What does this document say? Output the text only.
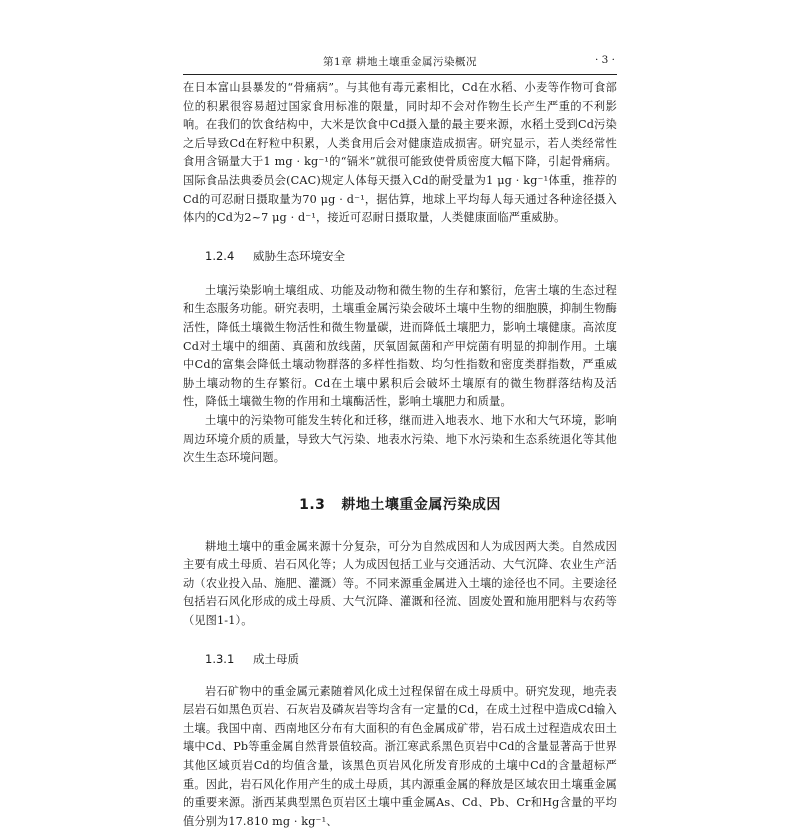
第1章 耕地土壤重金属污染概况	· 3 ·

在日本富山县暴发的“骨痛病”。与其他有毒元素相比，Cd在水稻、小麦等作物可食部位的积累很容易超过国家食用标准的限量，同时却不会对作物生长产生严重的不利影响。在我们的饮食结构中，大米是饮食中Cd摄入量的最主要来源，水稻土受到Cd污染之后导致Cd在籽粒中积累，人类食用后会对健康造成损害。研究显示，若人类经常性食用含镉量大于1 mg · kg⁻¹的“镉米”就很可能致使骨质密度大幅下降，引起骨痛病。国际食品法典委员会(CAC)规定人体每天摄入Cd的耐受量为1 μg · kg⁻¹体重，推荐的Cd的可忍耐日摄取量为70 μg · d⁻¹，据估算，地球上平均每人每天通过各种途径摄入体内的Cd为2~7 μg · d⁻¹，接近可忍耐日摄取量，人类健康面临严重威胁。

1.2.4 威胁生态环境安全

土壤污染影响土壤组成、功能及动物和微生物的生存和繁衍，危害土壤的生态过程和生态服务功能。研究表明，土壤重金属污染会破坏土壤中生物的细胞膜，抑制生物酶活性，降低土壤微生物活性和微生物量碳，进而降低土壤肥力，影响土壤健康。高浓度Cd对土壤中的细菌、真菌和放线菌，厌氧固氮菌和产甲烷菌有明显的抑制作用。土壤中Cd的富集会降低土壤动物群落的多样性指数、均匀性指数和密度类群指数，严重威胁土壤动物的生存繁衍。Cd在土壤中累积后会破坏土壤原有的微生物群落结构及活性，降低土壤微生物的作用和土壤酶活性，影响土壤肥力和质量。

土壤中的污染物可能发生转化和迁移，继而进入地表水、地下水和大气环境，影响周边环境介质的质量，导致大气污染、地表水污染、地下水污染和生态系统退化等其他次生生态环境问题。

1.3 耕地土壤重金属污染成因

耕地土壤中的重金属来源十分复杂，可分为自然成因和人为成因两大类。自然成因主要有成土母质、岩石风化等；人为成因包括工业与交通活动、大气沉降、农业生产活动（农业投入品、施肥、灌溉）等。不同来源重金属进入土壤的途径也不同。主要途径包括岩石风化形成的成土母质、大气沉降、灌溉和径流、固废处置和施用肥料与农药等（见图1-1）。

1.3.1 成土母质

岩石矿物中的重金属元素随着风化成土过程保留在成土母质中。研究发现，地壳表层岩石如黑色页岩、石灰岩及磷灰岩等均含有一定量的Cd，在成土过程中造成Cd输入土壤。我国中南、西南地区分布有大面积的有色金属成矿带，岩石成土过程造成农田土壤中Cd、Pb等重金属自然背景值较高。浙江寒武系黑色页岩中Cd的含量显著高于世界其他区域页岩Cd的均值含量，该黑色页岩风化所发育形成的土壤中Cd的含量超标严重。因此，岩石风化作用产生的成土母质，其内源重金属的释放是区域农田土壤重金属的重要来源。浙西某典型黑色页岩区土壤中重金属As、Cd、Pb、Cr和Hg含量的平均值分别为17.810 mg · kg⁻¹、
